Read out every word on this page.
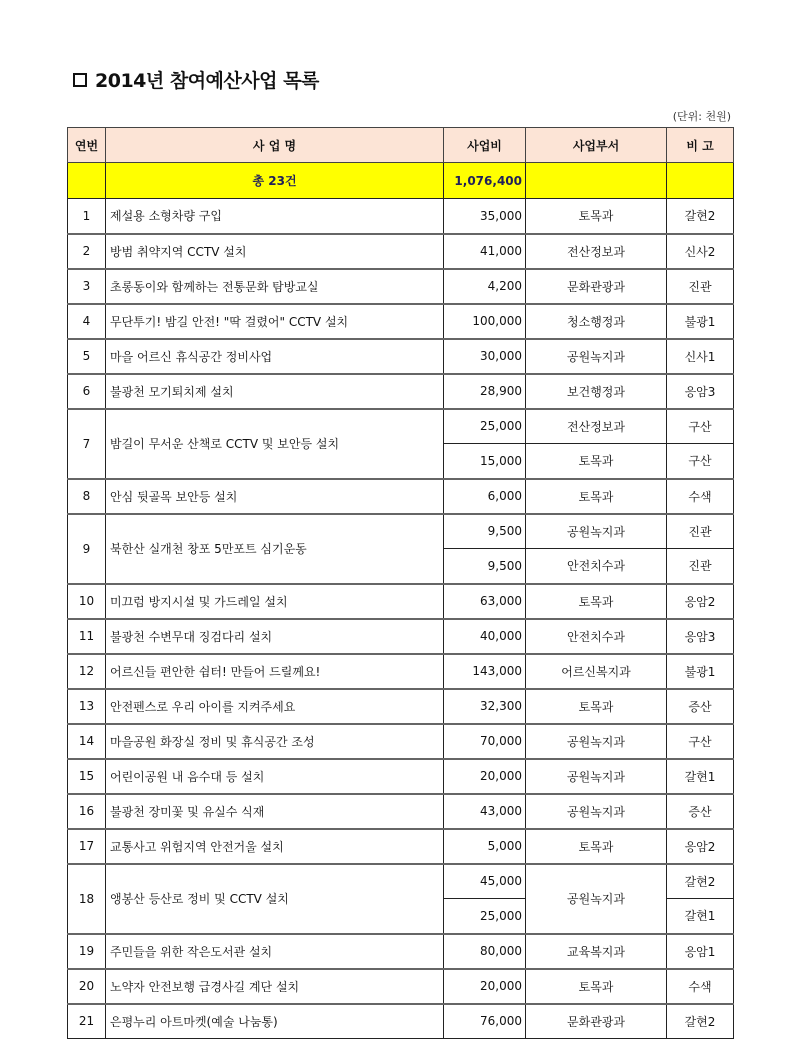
2014년 참여예산사업 목록
(단위: 천원)
연번	사 업 명	사업비	사업부서	비 고
	총 23건	1,076,400		
1	제설용 소형차량 구입	35,000	토목과	갈현2
2	방범 취약지역 CCTV 설치	41,000	전산정보과	신사2
3	초롱동이와 함께하는 전통문화 탐방교실	4,200	문화관광과	진관
4	무단투기! 밤길 안전! "딱 걸렸어" CCTV 설치	100,000	청소행정과	불광1
5	마을 어르신 휴식공간 정비사업	30,000	공원녹지과	신사1
6	불광천 모기퇴치제 설치	28,900	보건행정과	응암3
7	밤길이 무서운 산책로 CCTV 및 보안등 설치	25,000	전산정보과	구산
		15,000	토목과	구산
8	안심 뒷골목 보안등 설치	6,000	토목과	수색
9	북한산 실개천 창포 5만포트 심기운동	9,500	공원녹지과	진관
		9,500	안전치수과	진관
10	미끄럼 방지시설 및 가드레일 설치	63,000	토목과	응암2
11	불광천 수변무대 징검다리 설치	40,000	안전치수과	응암3
12	어르신들 편안한 쉼터! 만들어 드릴께요!	143,000	어르신복지과	불광1
13	안전펜스로 우리 아이를 지켜주세요	32,300	토목과	증산
14	마을공원 화장실 정비 및 휴식공간 조성	70,000	공원녹지과	구산
15	어린이공원 내 음수대 등 설치	20,000	공원녹지과	갈현1
16	불광천 장미꽃 및 유실수 식재	43,000	공원녹지과	증산
17	교통사고 위험지역 안전거울 설치	5,000	토목과	응암2
18	앵봉산 등산로 정비 및 CCTV 설치	45,000	공원녹지과	갈현2
		25,000		갈현1
19	주민들을 위한 작은도서관 설치	80,000	교육복지과	응암1
20	노약자 안전보행 급경사길 계단 설치	20,000	토목과	수색
21	은평누리 아트마켓(예술 나눔통)	76,000	문화관광과	갈현2
